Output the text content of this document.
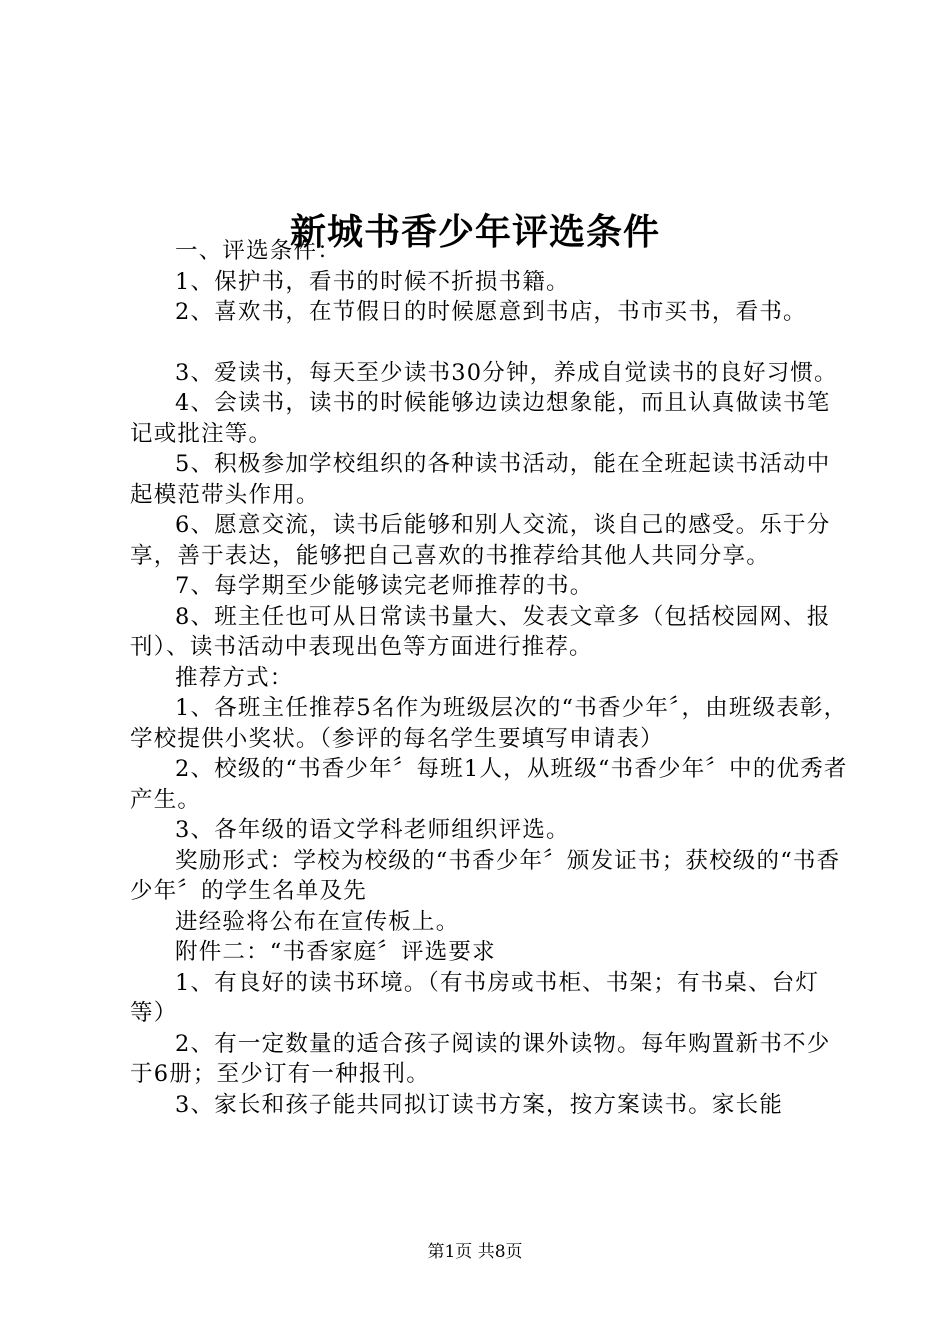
新城书香少年评选条件

一、评选条件：

1、保护书，看书的时候不折损书籍。

2、喜欢书，在节假日的时候愿意到书店，书市买书，看书。

3、爱读书，每天至少读书30分钟，养成自觉读书的良好习惯。

4、会读书，读书的时候能够边读边想象能，而且认真做读书笔记或批注等。

5、积极参加学校组织的各种读书活动，能在全班起读书活动中起模范带头作用。

6、愿意交流，读书后能够和别人交流，谈自己的感受。乐于分享，善于表达，能够把自己喜欢的书推荐给其他人共同分享。

7、每学期至少能够读完老师推荐的书。

8、班主任也可从日常读书量大、发表文章多（包括校园网、报刊）、读书活动中表现出色等方面进行推荐。

推荐方式：

1、各班主任推荐5名作为班级层次的“书香少年〞，由班级表彰，学校提供小奖状。（参评的每名学生要填写申请表）

2、校级的“书香少年〞每班1人，从班级“书香少年〞中的优秀者产生。

3、各年级的语文学科老师组织评选。

奖励形式：学校为校级的“书香少年〞颁发证书；获校级的“书香少年〞的学生名单及先

进经验将公布在宣传板上。

附件二：“书香家庭〞评选要求

1、有良好的读书环境。（有书房或书柜、书架；有书桌、台灯等）

2、有一定数量的适合孩子阅读的课外读物。每年购置新书不少于6册；至少订有一种报刊。

3、家长和孩子能共同拟订读书方案，按方案读书。家长能

第1页 共8页
